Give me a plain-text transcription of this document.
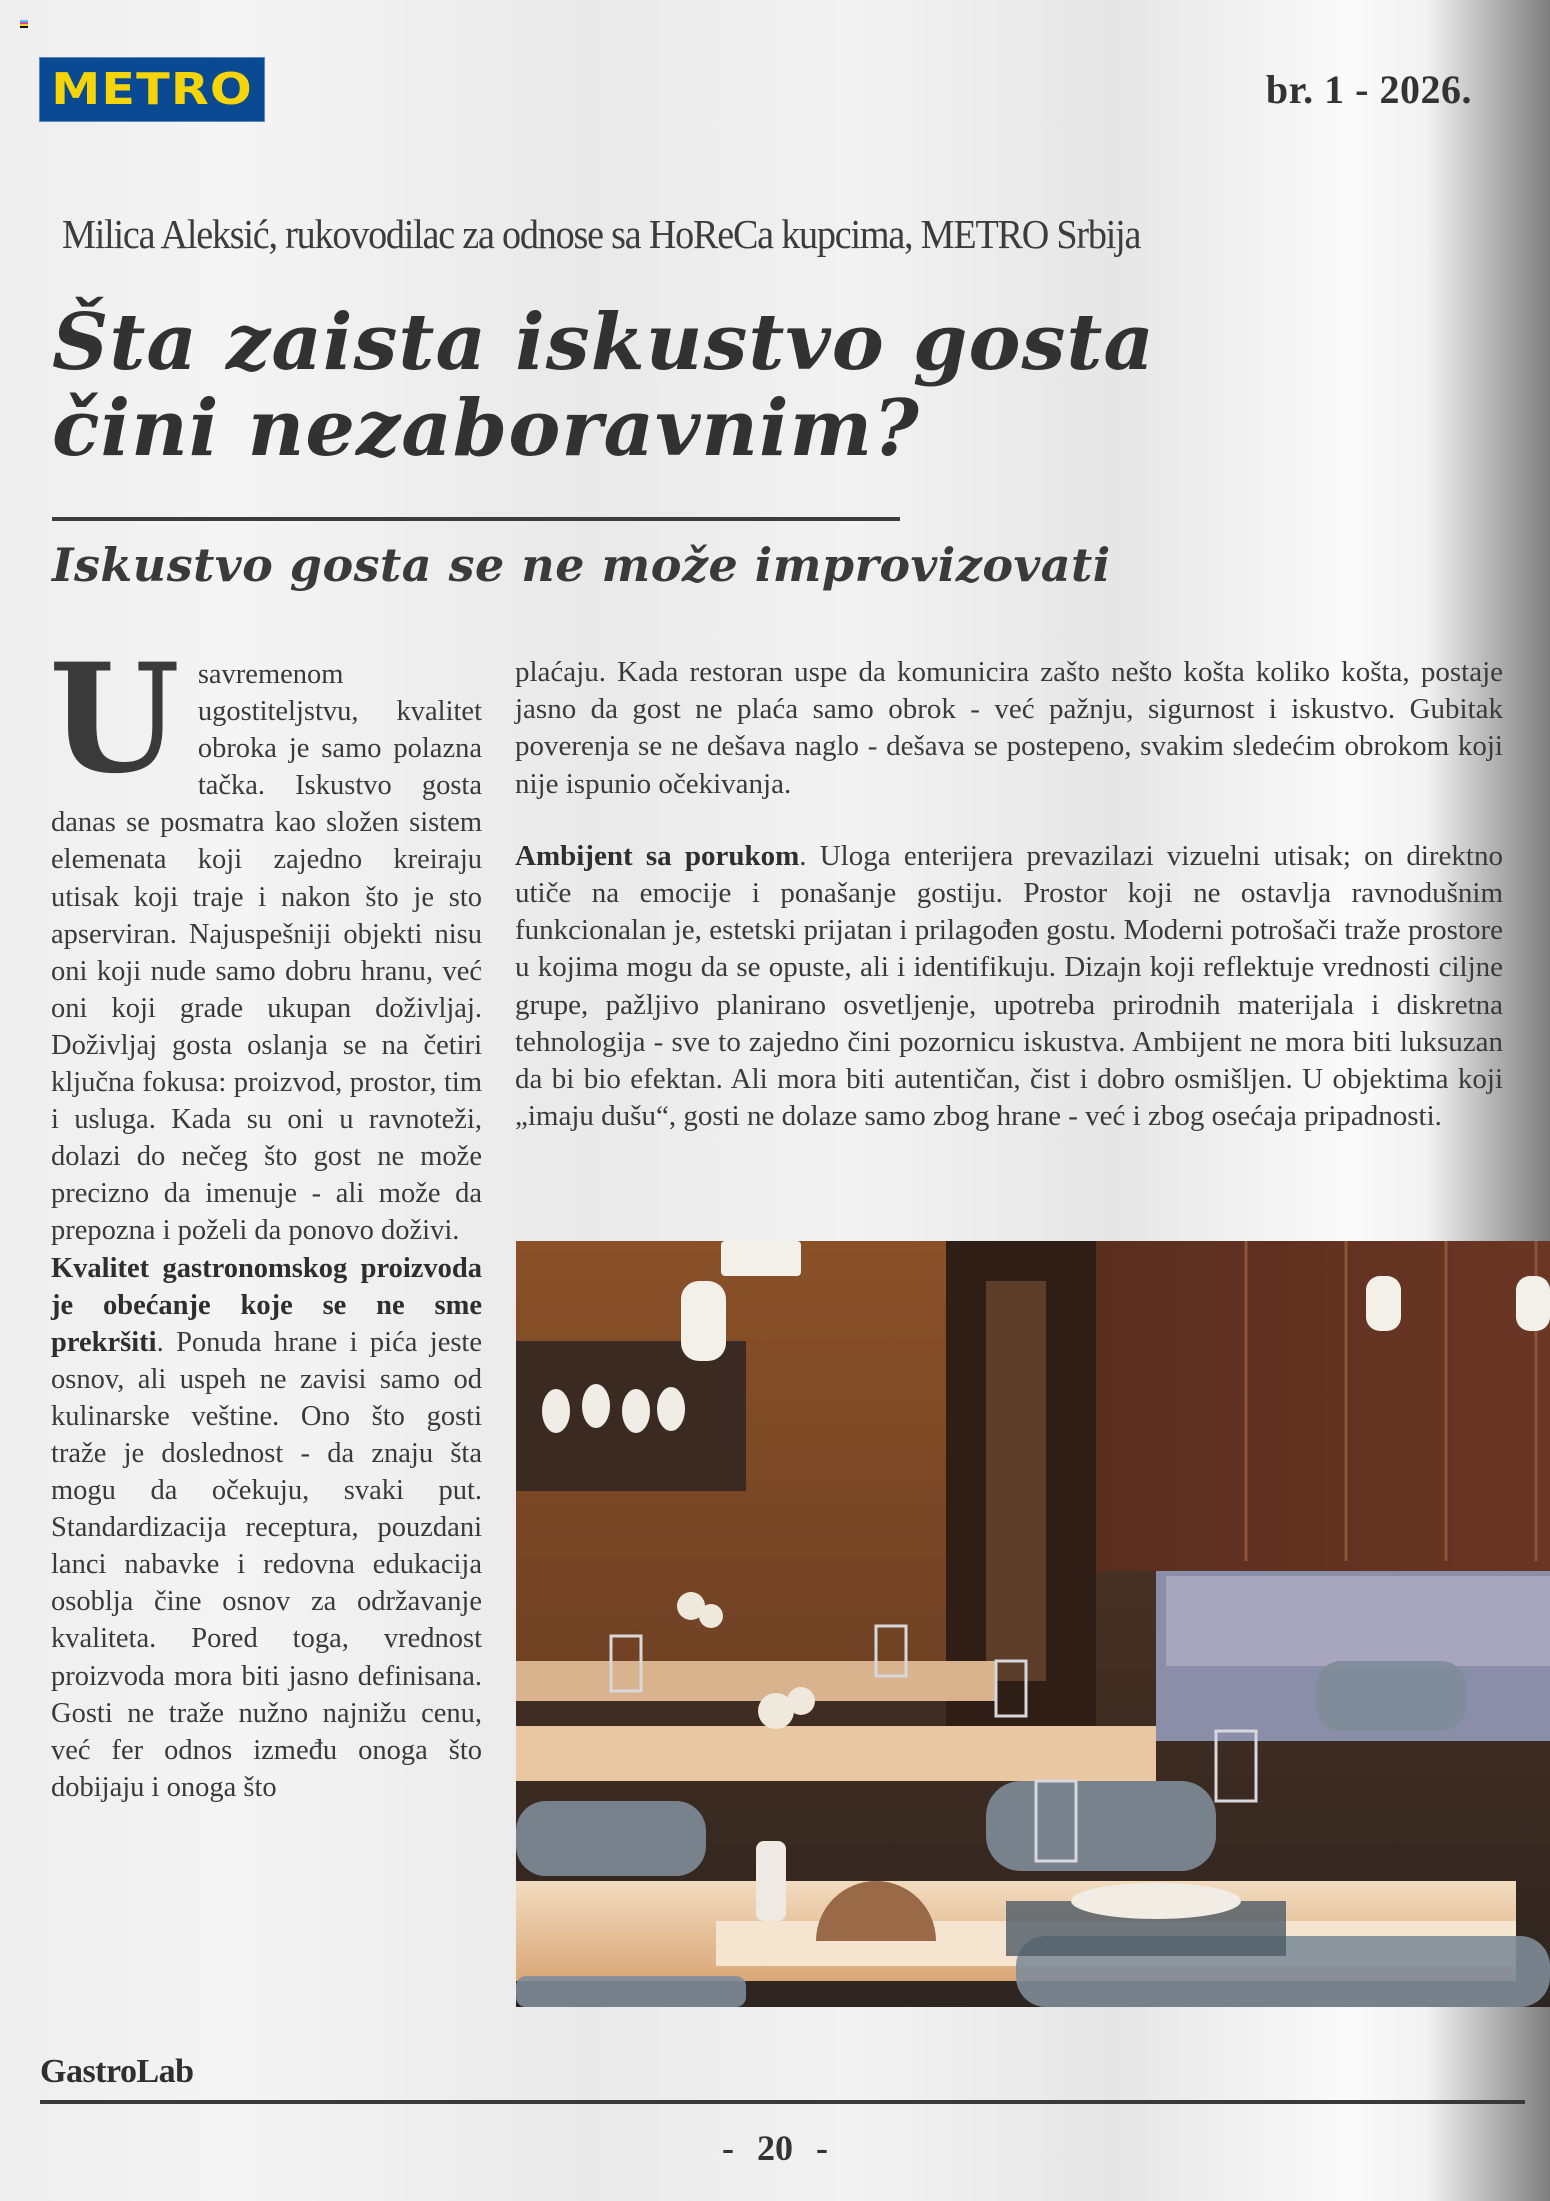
METRO	br. 1 - 2026.
Milica Aleksić, rukovodilac za odnose sa HoReCa kupcima, METRO Srbija
Šta zaista iskustvo gosta
čini nezaboravnim?
Iskustvo gosta se ne može improvizovati
U savremenom ugostiteljstvu, kvalitet obroka je samo polazna tačka. Iskustvo gosta danas se posmatra kao složen sistem elemenata koji zajedno kreiraju utisak koji traje i nakon što je sto apserviran. Najuspešniji objekti nisu oni koji nude samo dobru hranu, već oni koji grade ukupan doživljaj. Doživljaj gosta oslanja se na četiri ključna fokusa: proizvod, prostor, tim i usluga. Kada su oni u ravnoteži, dolazi do nečeg što gost ne može precizno da imenuje - ali može da prepozna i poželi da ponovo doživi.
Kvalitet gastronomskog proizvoda je obećanje koje se ne sme prekršiti. Ponuda hrane i pića jeste osnov, ali uspeh ne zavisi samo od kulinarske veštine. Ono što gosti traže je doslednost - da znaju šta mogu da očekuju, svaki put. Standardizacija receptura, pouzdani lanci nabavke i redovna edukacija osoblja čine osnov za održavanje kvaliteta. Pored toga, vrednost proizvoda mora biti jasno definisana. Gosti ne traže nužno najnižu cenu, već fer odnos između onoga što dobijaju i onoga što

plaćaju. Kada restoran uspe da komunicira zašto nešto košta koliko košta, postaje jasno da gost ne plaća samo obrok - već pažnju, sigurnost i iskustvo. Gubitak poverenja se ne dešava naglo - dešava se postepeno, svakim sledećim obrokom koji nije ispunio očekivanja.

Ambijent sa porukom. Uloga enterijera prevazilazi vizuelni utisak; on direktno utiče na emocije i ponašanje gostiju. Prostor koji ne ostavlja ravnodušnim funkcionalan je, estetski prijatan i prilagođen gostu. Moderni potrošači traže prostore u kojima mogu da se opuste, ali i identifikuju. Dizajn koji reflektuje vrednosti ciljne grupe, pažljivo planirano osvetljenje, upotreba prirodnih materijala i diskretna tehnologija - sve to zajedno čini pozornicu iskustva. Ambijent ne mora biti luksuzan da bi bio efektan. Ali mora biti autentičan, čist i dobro osmišljen. U objektima koji „imaju dušu“, gosti ne dolaze samo zbog hrane - već i zbog osećaja pripadnosti.

GastroLab
- 20 -
